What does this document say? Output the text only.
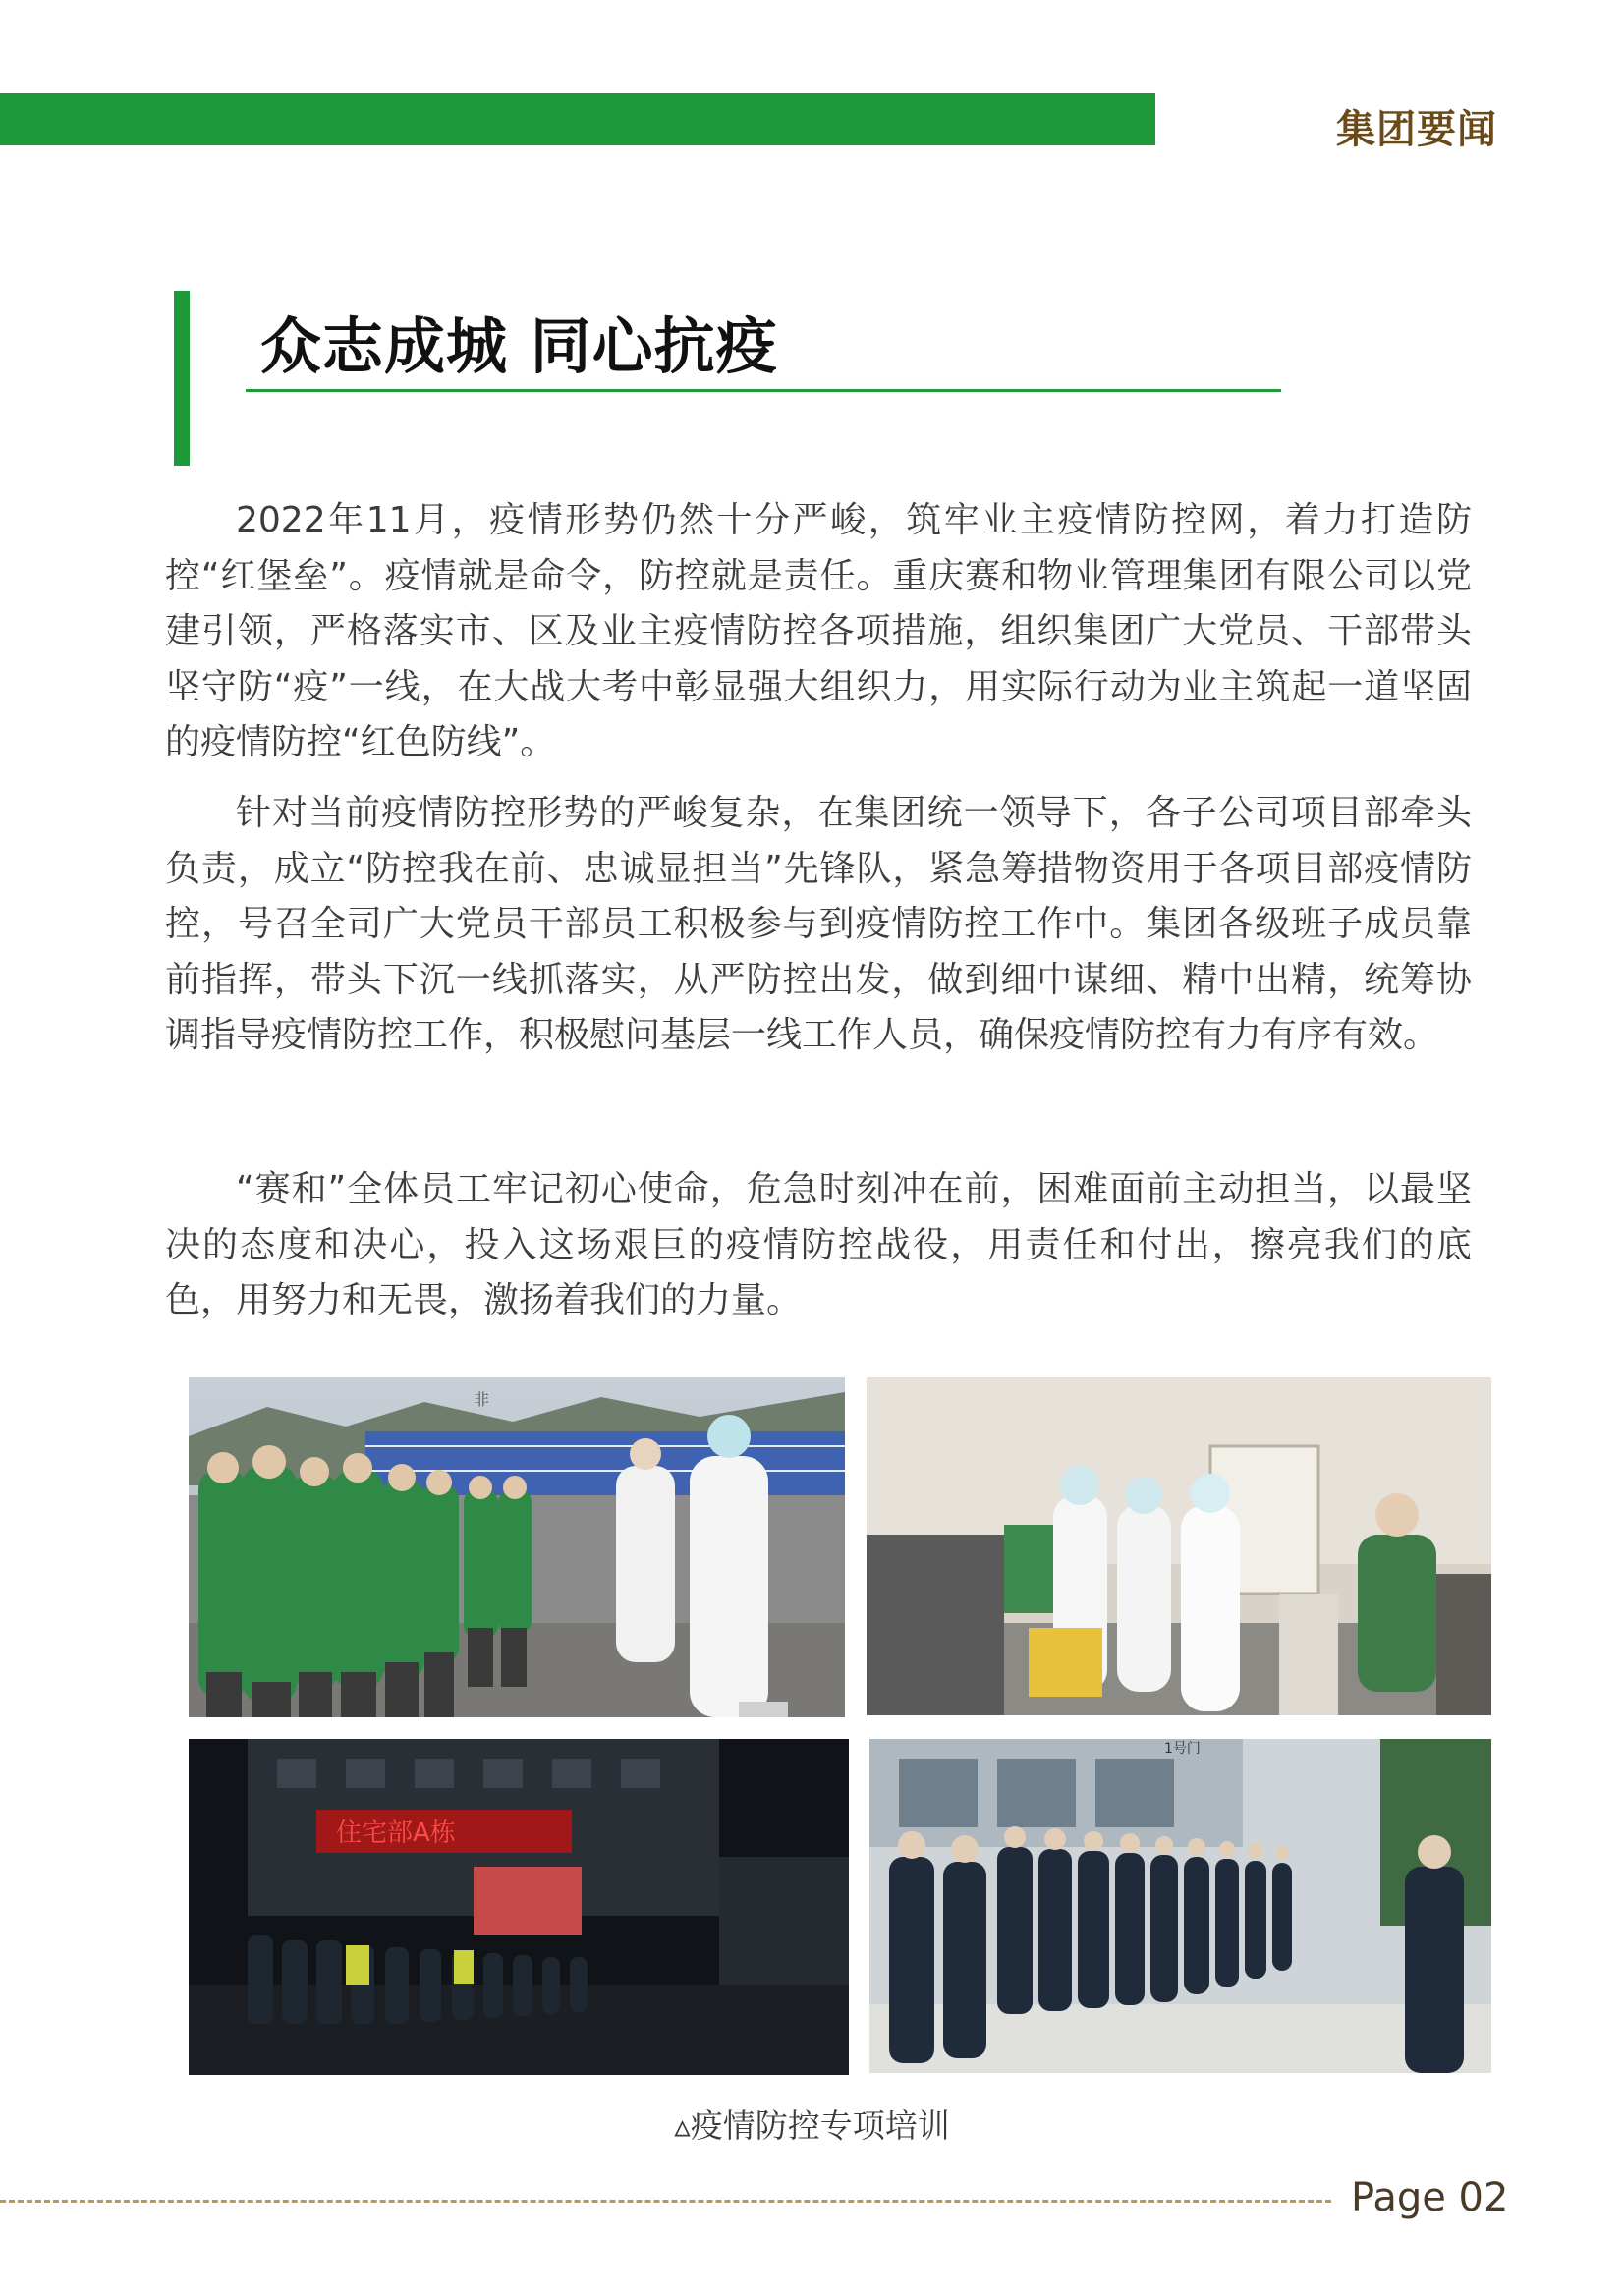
集团要闻
众志成城 同心抗疫

2022年11月，疫情形势仍然十分严峻，筑牢业主疫情防控网，着力打造防控“红堡垒”。疫情就是命令，防控就是责任。重庆赛和物业管理集团有限公司以党建引领，严格落实市、区及业主疫情防控各项措施，组织集团广大党员、干部带头坚守防“疫”一线，在大战大考中彰显强大组织力，用实际行动为业主筑起一道坚固的疫情防控“红色防线”。

针对当前疫情防控形势的严峻复杂，在集团统一领导下，各子公司项目部牵头负责，成立“防控我在前、忠诚显担当”先锋队，紧急筹措物资用于各项目部疫情防控，号召全司广大党员干部员工积极参与到疫情防控工作中。集团各级班子成员靠前指挥，带头下沉一线抓落实，从严防控出发，做到细中谋细、精中出精，统筹协调指导疫情防控工作，积极慰问基层一线工作人员，确保疫情防控有力有序有效。

“赛和”全体员工牢记初心使命，危急时刻冲在前，困难面前主动担当，以最坚决的态度和决心，投入这场艰巨的疫情防控战役，用责任和付出，擦亮我们的底色，用努力和无畏，激扬着我们的力量。

非
住宅部A栋
1号门
▵疫情防控专项培训
Page 02
